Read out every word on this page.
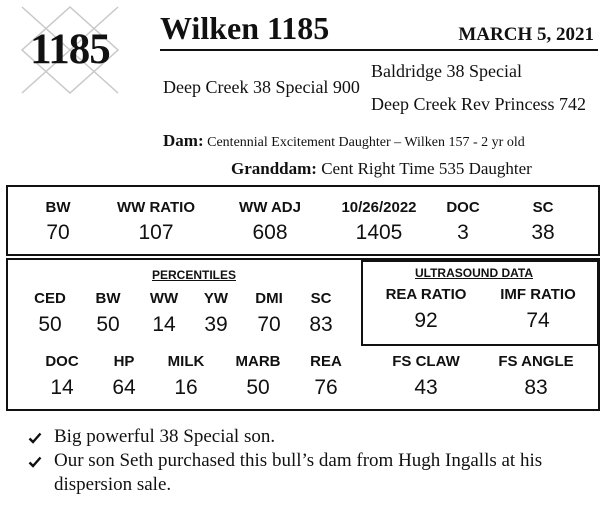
1185	Wilken 1185	MARCH 5, 2021
Baldridge 38 Special
Deep Creek 38 Special 900
Deep Creek Rev Princess 742
Dam: Centennial Excitement Daughter – Wilken 157 - 2 yr old
Granddam: Cent Right Time 535 Daughter
BW
70
WW RATIO
107
WW ADJ
608
10/26/2022
1405
DOC
3
SC
38
PERCENTILES
CED
50
BW
50
WW
14
YW
39
DMI
70
SC
83
DOC
14
HP
64
MILK
16
MARB
50
REA
76
FS CLAW
43
FS ANGLE
83
ULTRASOUND DATA
REA RATIO
92
IMF RATIO
74
Big powerful 38 Special son.
Our son Seth purchased this bull’s dam from Hugh Ingalls at his dispersion sale.
